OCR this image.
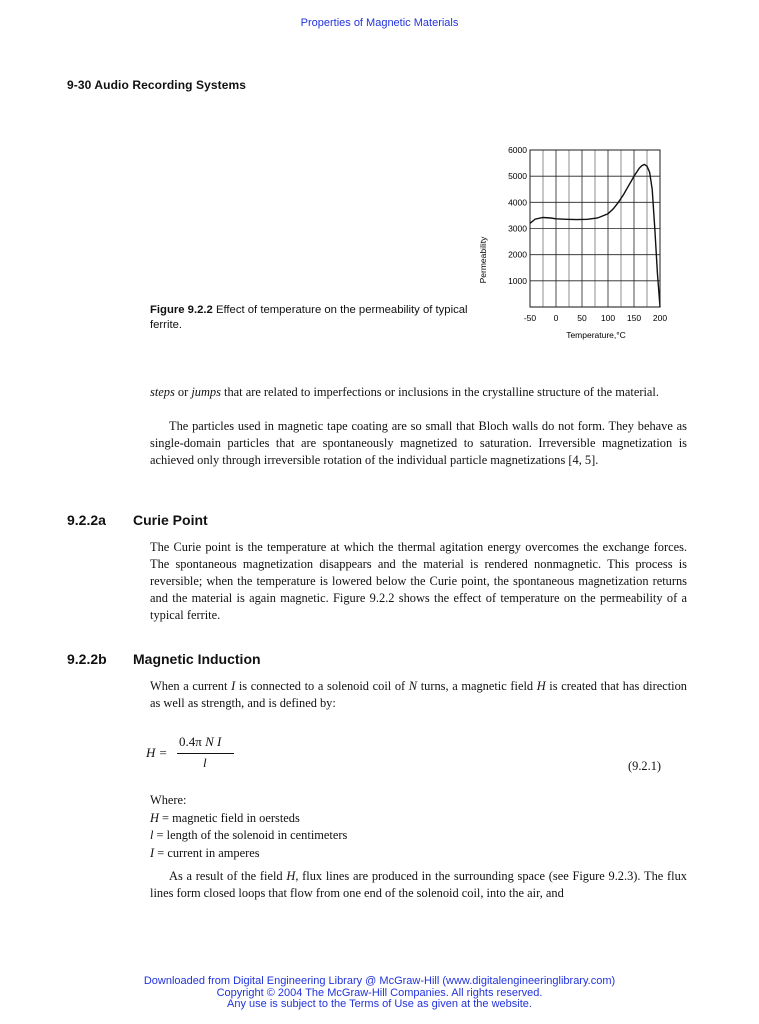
Properties of Magnetic Materials
9-30 Audio Recording Systems
-50 0 50 100 150 200
1000
2000
3000
4000
5000
6000
Permeability
Temperature,°C
Figure 9.2.2 Effect of temperature on the permeability of typical ferrite.

steps or jumps that are related to imperfections or inclusions in the crystalline structure of the material.

The particles used in magnetic tape coating are so small that Bloch walls do not form. They behave as single-domain particles that are spontaneously magnetized to saturation. Irreversible magnetization is achieved only through irreversible rotation of the individual particle magnetizations [4, 5].

9.2.2a Curie Point

The Curie point is the temperature at which the thermal agitation energy overcomes the exchange forces. The spontaneous magnetization disappears and the material is rendered nonmagnetic. This process is reversible; when the temperature is lowered below the Curie point, the spontaneous magnetization returns and the material is again magnetic. Figure 9.2.2 shows the effect of temperature on the permeability of a typical ferrite.

9.2.2b Magnetic Induction

When a current I is connected to a solenoid coil of N turns, a magnetic field H is created that has direction as well as strength, and is defined by:

H =
0.4π N I
l	(9.2.1)
Where:
H = magnetic field in oersteds
l = length of the solenoid in centimeters
I = current in amperes

As a result of the field H, flux lines are produced in the surrounding space (see Figure 9.2.3). The flux lines form closed loops that flow from one end of the solenoid coil, into the air, and

Downloaded from Digital Engineering Library @ McGraw-Hill (www.digitalengineeringlibrary.com)
Copyright © 2004 The McGraw-Hill Companies. All rights reserved.
Any use is subject to the Terms of Use as given at the website.
